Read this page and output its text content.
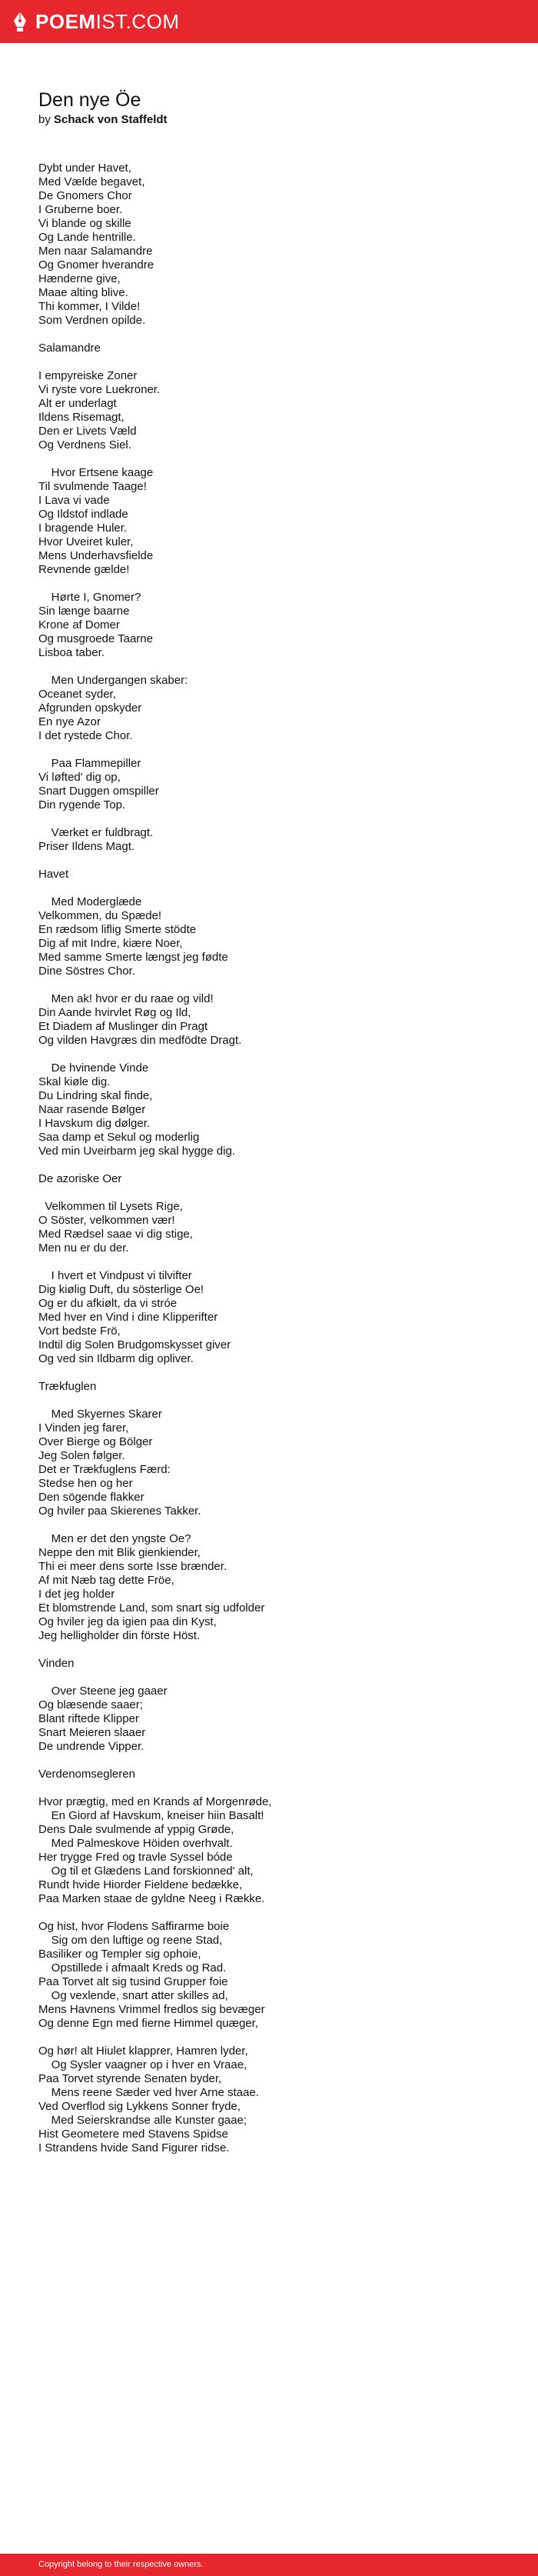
POEM IST.COM
Den nye Öe

by Schack von Staffeldt

Dybt under Havet,
Med Vælde begavet,
De Gnomers Chor
I Gruberne boer.
Vi blande og skille
Og Lande hentrille.
Men naar Salamandre
Og Gnomer hverandre
Hænderne give,
Maae alting blive.
Thi kommer, I Vilde!
Som Verdnen opilde.

Salamandre

I empyreiske Zoner
Vi ryste vore Luekroner.
Alt er underlagt
Ildens Risemagt,
Den er Livets Væld
Og Verdnens Siel.

Hvor Ertsene kaage
Til svulmende Taage!
I Lava vi vade
Og Ildstof indlade
I bragende Huler.
Hvor Uveiret kuler,
Mens Underhavsfielde
Revnende gælde!

Hørte I, Gnomer?
Sin længe baarne
Krone af Domer
Og musgroede Taarne
Lisboa taber.

Men Undergangen skaber:
Oceanet syder,
Afgrunden opskyder
En nye Azor
I det rystede Chor.

Paa Flammepiller
Vi løfted' dig op,
Snart Duggen omspiller
Din rygende Top.

Værket er fuldbragt.
Priser Ildens Magt.

Havet

Med Moderglæde
Velkommen, du Spæde!
En rædsom liflig Smerte stödte
Dig af mit Indre, kiære Noer,
Med samme Smerte længst jeg fødte
Dine Söstres Chor.

Men ak! hvor er du raae og vild!
Din Aande hvirvlet Røg og Ild,
Et Diadem af Muslinger din Pragt
Og vilden Havgræs din medfödte Dragt.

De hvinende Vinde
Skal kiøle dig.
Du Lindring skal finde,
Naar rasende Bølger
I Havskum dig dølger.
Saa damp et Sekul og moderlig
Ved min Uveirbarm jeg skal hygge dig.

De azoriske Oer

Velkommen til Lysets Rige,
O Söster, velkommen vær!
Med Rædsel saae vi dig stige,
Men nu er du der.

I hvert et Vindpust vi tilvifter
Dig kiølig Duft, du sösterlige Oe!
Og er du afkiølt, da vi stróe
Med hver en Vind i dine Klipperifter
Vort bedste Frö,
Indtil dig Solen Brudgomskysset giver
Og ved sin Ildbarm dig opliver.

Trækfuglen

Med Skyernes Skarer
I Vinden jeg farer,
Over Bierge og Bölger
Jeg Solen følger.
Det er Trækfuglens Færd:
Stedse hen og her
Den sögende flakker
Og hviler paa Skierenes Takker.

Men er det den yngste Oe?
Neppe den mit Blik gienkiender,
Thi ei meer dens sorte Isse brænder.
Af mit Næb tag dette Fröe,
I det jeg holder
Et blomstrende Land, som snart sig udfolder
Og hviler jeg da igien paa din Kyst,
Jeg helligholder din förste Höst.

Vinden

Over Steene jeg gaaer
Og blæsende saaer;
Blant riftede Klipper
Snart Meieren slaaer
De undrende Vipper.

Verdenomsegleren

Hvor prægtig, med en Krands af Morgenrøde,
En Giord af Havskum, kneiser hiin Basalt!
Dens Dale svulmende af yppig Grøde,
Med Palmeskove Höiden overhvalt.
Her trygge Fred og travle Syssel bóde
Og til et Glædens Land forskionned' alt,
Rundt hvide Hiorder Fieldene bedække,
Paa Marken staae de gyldne Neeg i Række.

Og hist, hvor Flodens Saffirarme boie
Sig om den luftige og reene Stad,
Basiliker og Templer sig ophoie,
Opstillede i afmaalt Kreds og Rad.
Paa Torvet alt sig tusind Grupper foie
Og vexlende, snart atter skilles ad,
Mens Havnens Vrimmel fredlos sig bevæger
Og denne Egn med fierne Himmel quæger,

Og hør! alt Hiulet klapprer, Hamren lyder,
Og Sysler vaagner op i hver en Vraae,
Paa Torvet styrende Senaten byder,
Mens reene Sæder ved hver Arne staae.
Ved Overflod sig Lykkens Sonner fryde,
Med Seierskrandse alle Kunster gaae;
Hist Geometere med Stavens Spidse
I Strandens hvide Sand Figurer ridse.
Copyright belong to their respective owners.
